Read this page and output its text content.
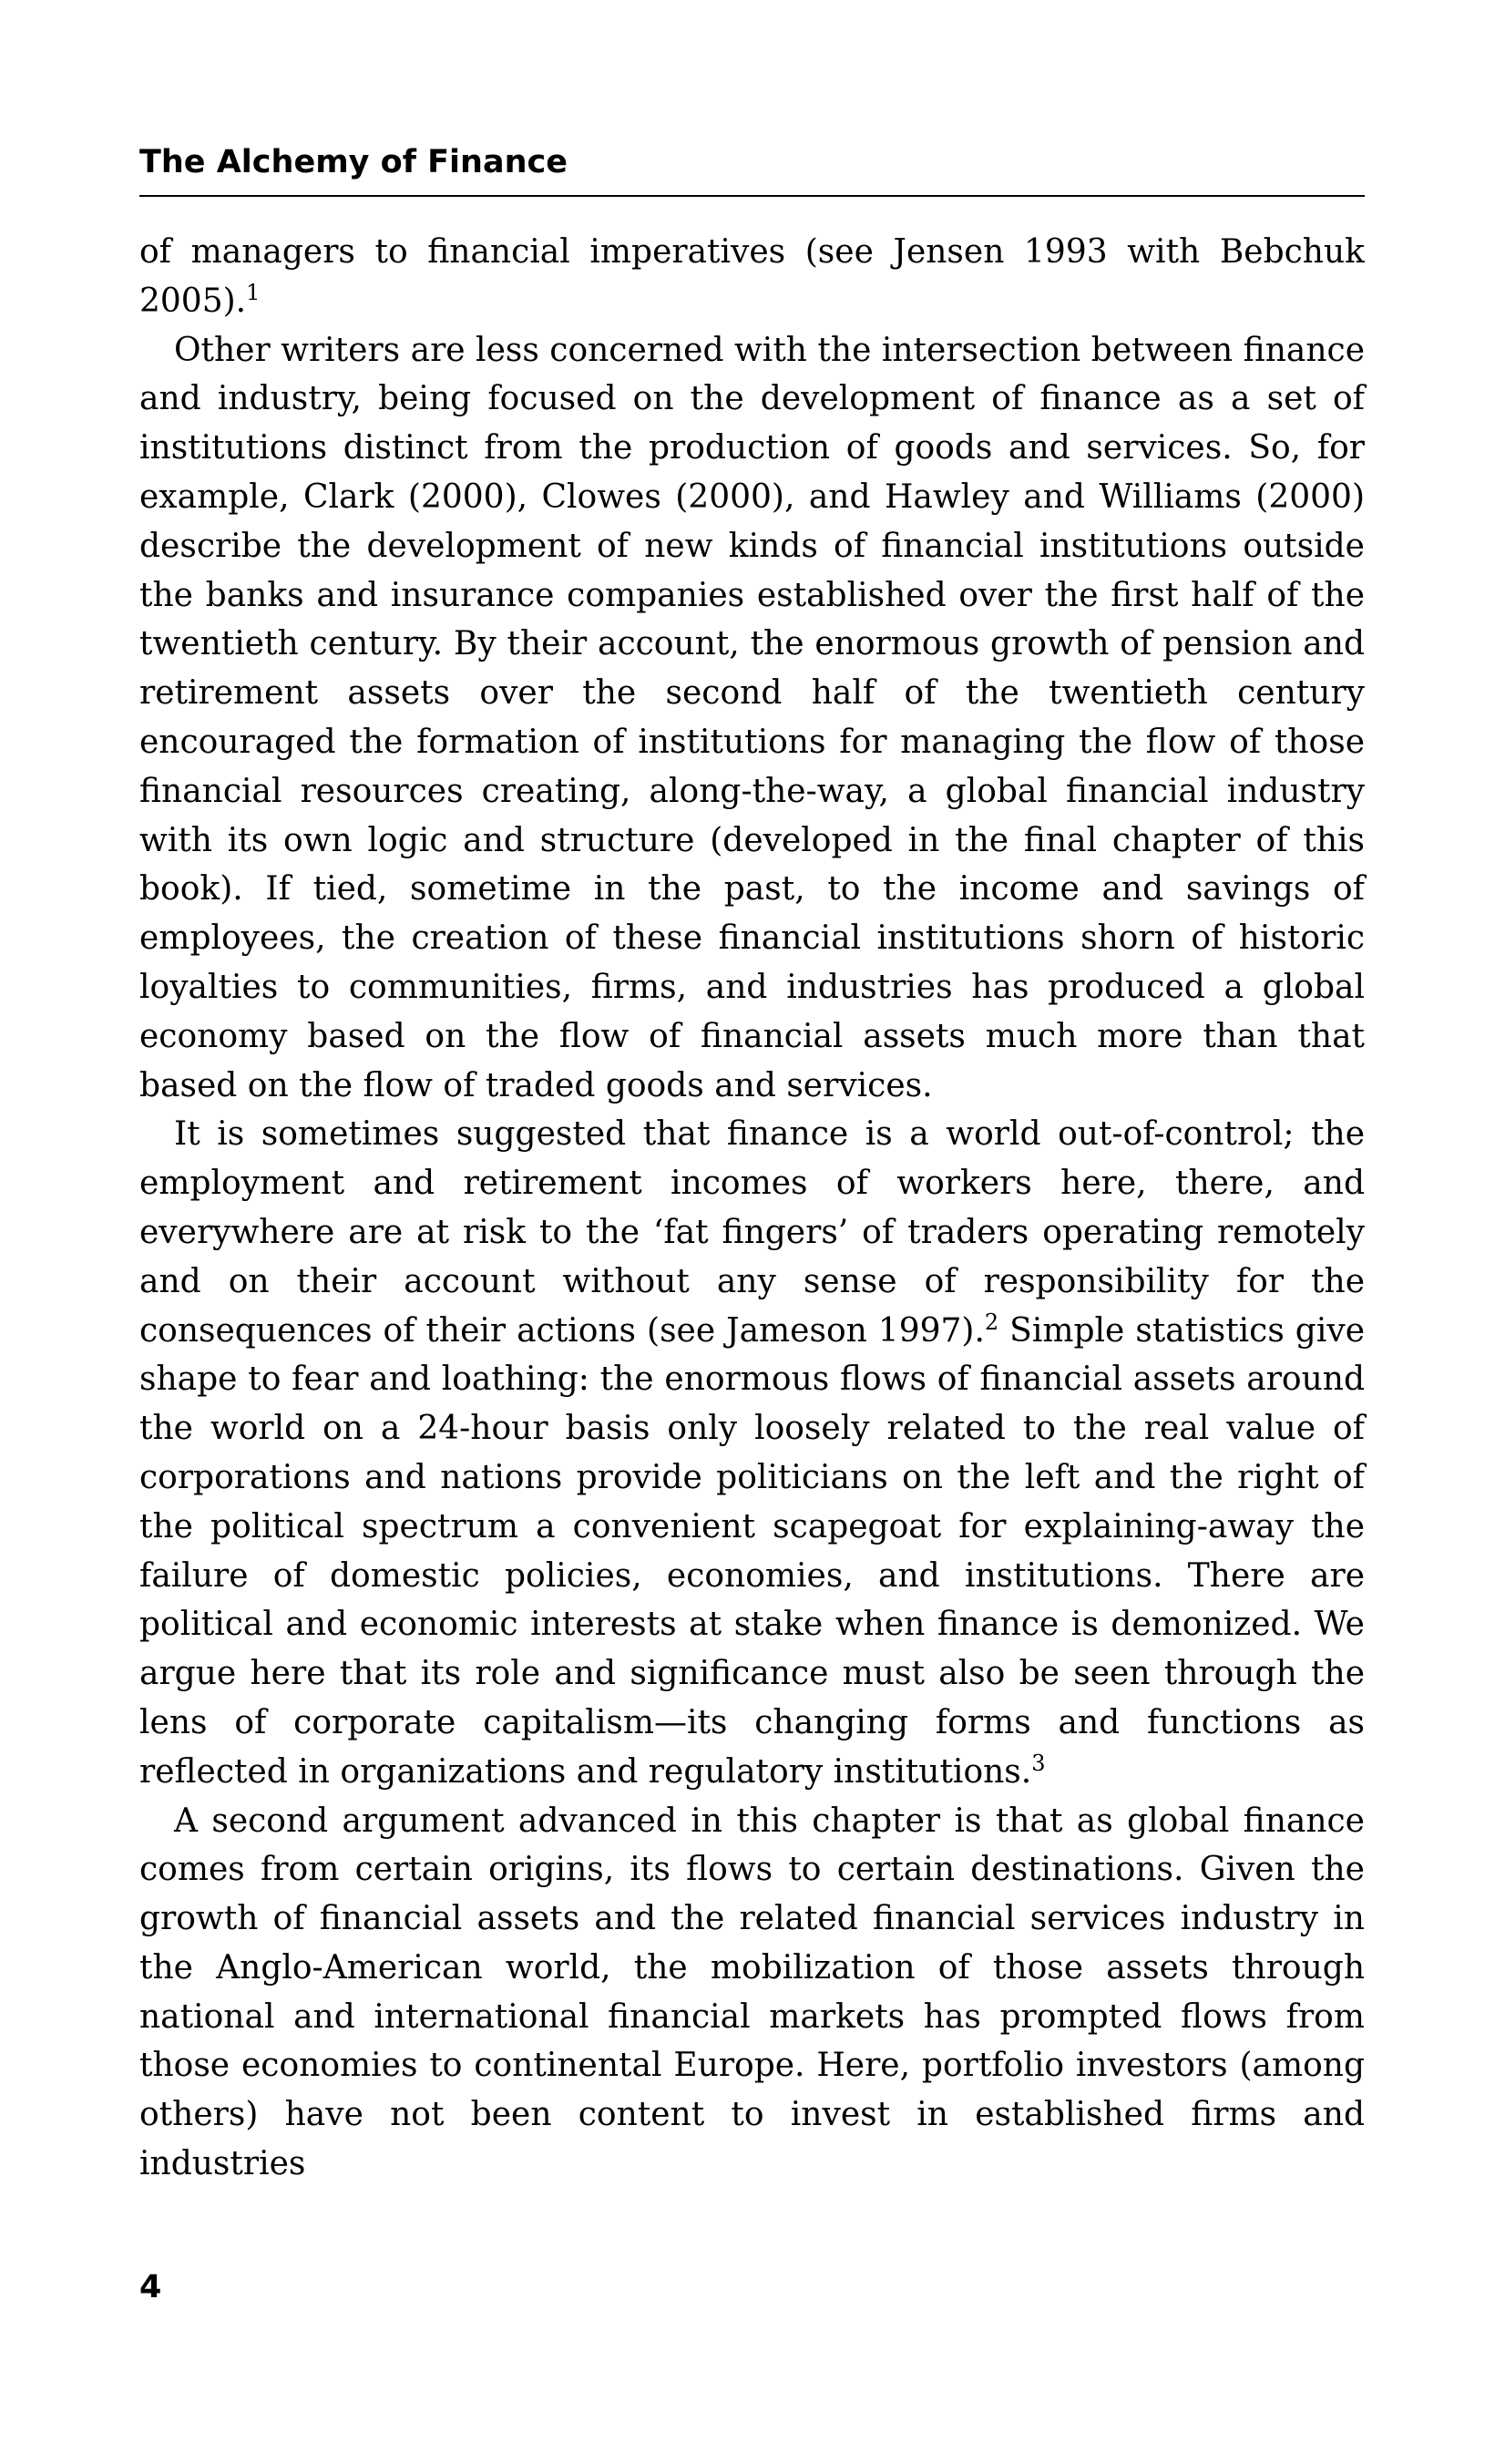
The Alchemy of Finance

of managers to financial imperatives (see Jensen 1993 with Bebchuk 2005).$^1$

Other writers are less concerned with the intersection between finance and industry, being focused on the development of finance as a set of institutions distinct from the production of goods and services. So, for example, Clark (2000), Clowes (2000), and Hawley and Williams (2000) describe the development of new kinds of financial institutions outside the banks and insurance companies established over the first half of the twentieth century. By their account, the enormous growth of pension and retirement assets over the second half of the twentieth century encouraged the formation of institutions for managing the flow of those financial resources creating, along-the-way, a global financial industry with its own logic and structure (developed in the final chapter of this book). If tied, sometime in the past, to the income and savings of employees, the creation of these financial institutions shorn of historic loyalties to communities, firms, and industries has produced a global economy based on the flow of financial assets much more than that based on the flow of traded goods and services.

It is sometimes suggested that finance is a world out-of-control; the employment and retirement incomes of workers here, there, and everywhere are at risk to the ‘fat fingers’ of traders operating remotely and on their account without any sense of responsibility for the consequences of their actions (see Jameson 1997).$^2$ Simple statistics give shape to fear and loathing: the enormous flows of financial assets around the world on a 24-hour basis only loosely related to the real value of corporations and nations provide politicians on the left and the right of the political spectrum a convenient scapegoat for explaining-away the failure of domestic policies, economies, and institutions. There are political and economic interests at stake when finance is demonized. We argue here that its role and significance must also be seen through the lens of corporate capitalism—its changing forms and functions as reflected in organizations and regulatory institutions.$^3$

A second argument advanced in this chapter is that as global finance comes from certain origins, its flows to certain destinations. Given the growth of financial assets and the related financial services industry in the Anglo-American world, the mobilization of those assets through national and international financial markets has prompted flows from those economies to continental Europe. Here, portfolio investors (among others) have not been content to invest in established firms and industries

4
